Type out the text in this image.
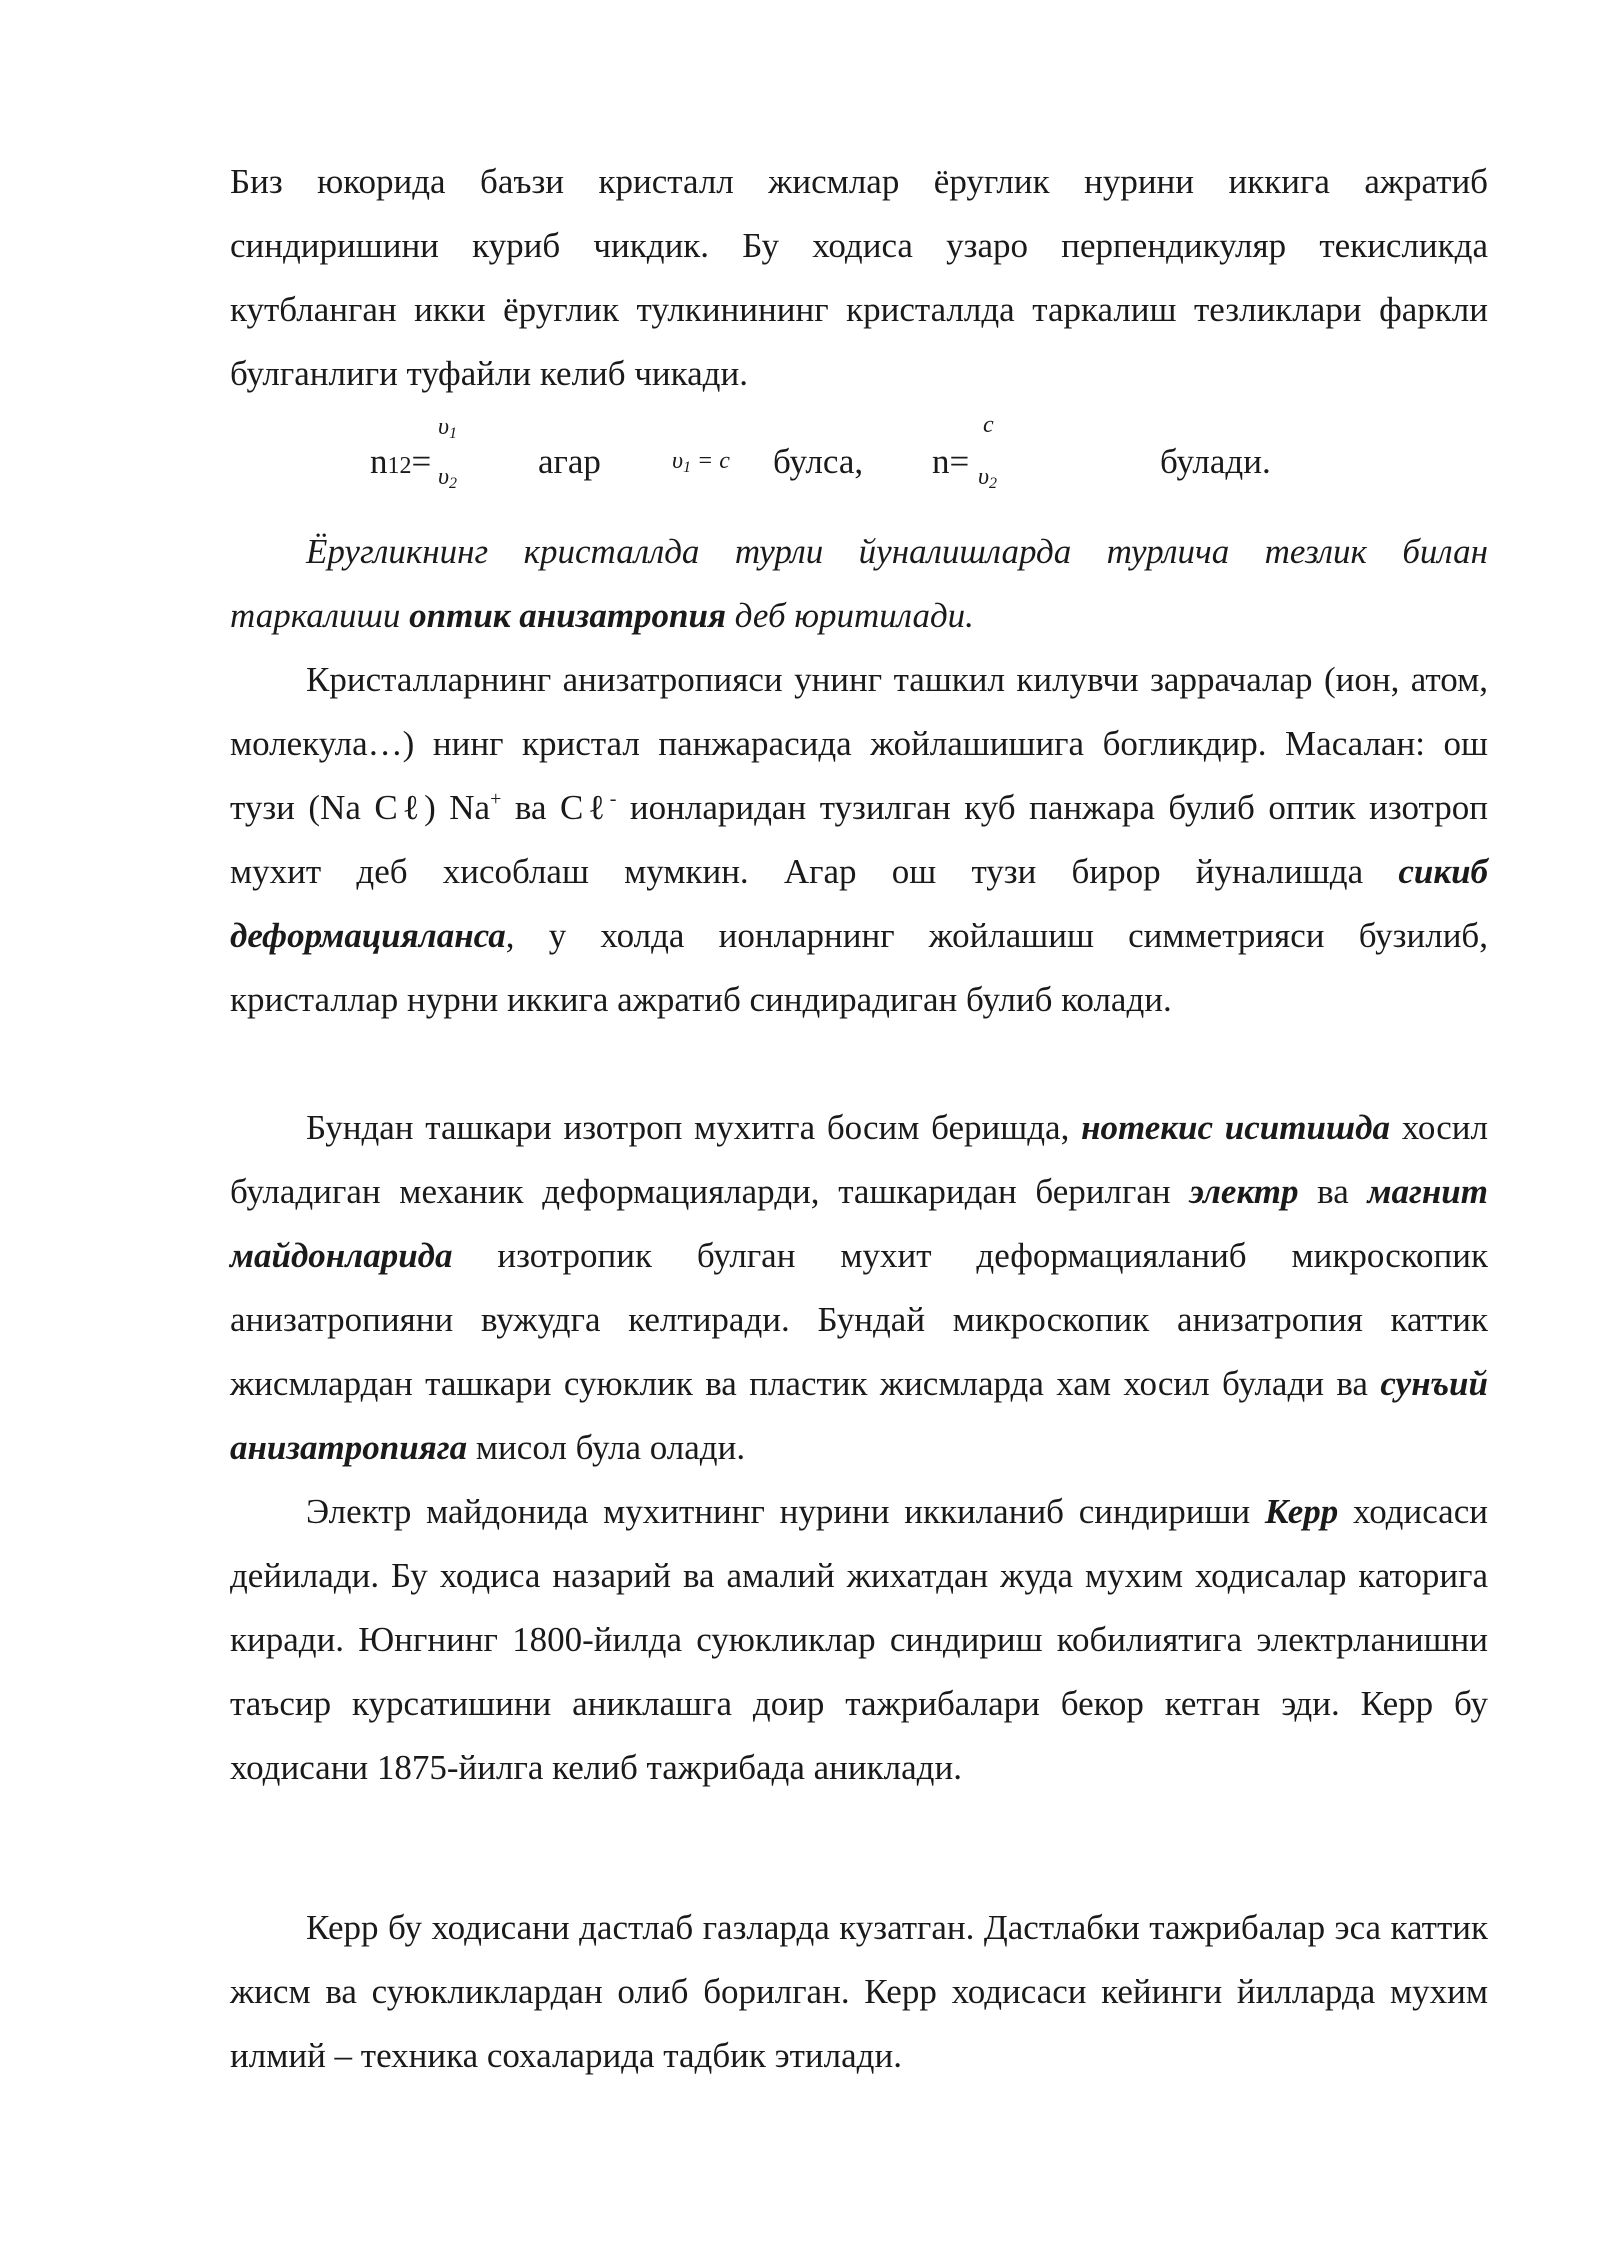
Биз юкорида баъзи кристалл жисмлар ёруглик нурини иккига ажратиб синдиришини куриб чикдик. Бу ходиса узаро перпендикуляр текисликда кутбланган икки ёруглик тулкинининг кристаллда таркалиш тезликлари фаркли булганлиги туфайли келиб чикади.

n12=
$\upsilon_1$
$\upsilon_2$
агар	$\upsilon_1 = c$ булса, n=
c
$\upsilon_2$
булади.

Ёругликнинг кристаллда турли йуналишларда турлича тезлик билан таркалиши оптик анизатропия деб юритилади.

Кристалларнинг анизатропияси унинг ташкил килувчи заррачалар (ион, атом, молекула…) нинг кристал панжарасида жойлашишига богликдир. Масалан: ош тузи (Na Cℓ) Na+ ва Cℓ- ионларидан тузилган куб панжара булиб оптик изотроп мухит деб хисоблаш мумкин. Агар ош тузи бирор йуналишда сикиб деформацияланса, у холда ионларнинг жойлашиш симметрияси бузилиб, кристаллар нурни иккига ажратиб синдирадиган булиб колади.

Бундан ташкари изотроп мухитга босим беришда, нотекис иситишда хосил буладиган механик деформацияларди, ташкаридан берилган электр ва магнит майдонларида изотропик булган мухит деформацияланиб микроскопик анизатропияни вужудга келтиради. Бундай микроскопик анизатропия каттик жисмлардан ташкари суюклик ва пластик жисмларда хам хосил булади ва сунъий анизатропияга мисол була олади.

Электр майдонида мухитнинг нурини иккиланиб синдириши Керр ходисаси дейилади. Бу ходиса назарий ва амалий жихатдан жуда мухим ходисалар каторига киради. Юнгнинг 1800-йилда суюкликлар синдириш кобилиятига электрланишни таъсир курсатишини аниклашга доир тажрибалари бекор кетган эди. Керр бу ходисани 1875-йилга келиб тажрибада аниклади.

Керр бу ходисани дастлаб газларда кузатган. Дастлабки тажрибалар эса каттик жисм ва суюкликлардан олиб борилган. Керр ходисаси кейинги йилларда мухим илмий – техника сохаларида тадбик этилади.
